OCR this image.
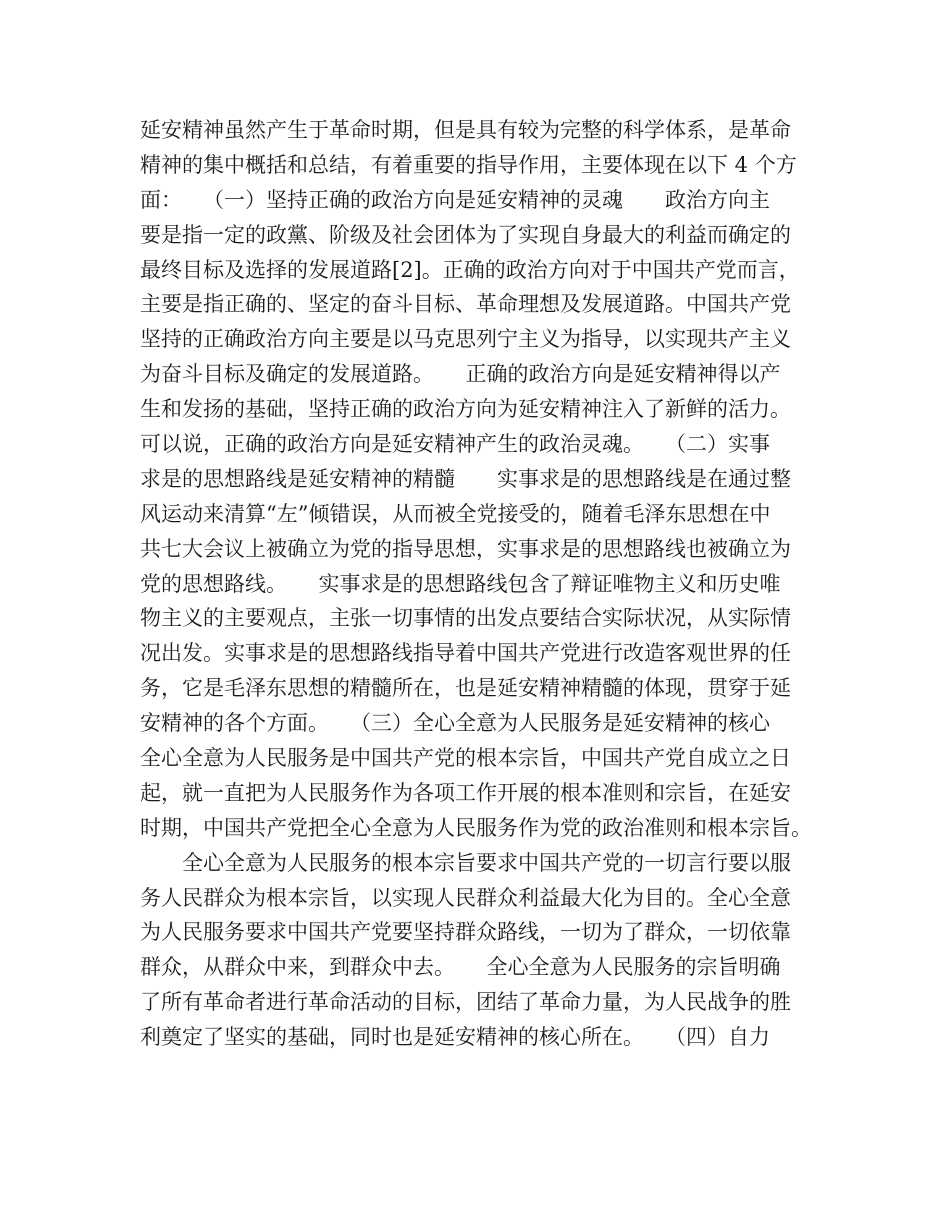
延安精神虽然产生于革命时期，但是具有较为完整的科学体系，是革命
精神的集中概括和总结，有着重要的指导作用，主要体现在以下 4 个方
面：　　（一）坚持正确的政治方向是延安精神的灵魂　　政治方向主
要是指一定的政黨、阶级及社会团体为了实现自身最大的利益而确定的
最终目标及选择的发展道路[2]。正确的政治方向对于中国共产党而言，
主要是指正确的、坚定的奋斗目标、革命理想及发展道路。中国共产党
坚持的正确政治方向主要是以马克思列宁主义为指导，以实现共产主义
为奋斗目标及确定的发展道路。　　正确的政治方向是延安精神得以产
生和发扬的基础，坚持正确的政治方向为延安精神注入了新鲜的活力。
可以说，正确的政治方向是延安精神产生的政治灵魂。　　（二）实事
求是的思想路线是延安精神的精髓　　实事求是的思想路线是在通过整
风运动来清算“左”倾错误，从而被全党接受的，随着毛泽东思想在中
共七大会议上被确立为党的指导思想，实事求是的思想路线也被确立为
党的思想路线。　　实事求是的思想路线包含了辩证唯物主义和历史唯
物主义的主要观点，主张一切事情的出发点要结合实际状况，从实际情
况出发。实事求是的思想路线指导着中国共产党进行改造客观世界的任
务，它是毛泽东思想的精髓所在，也是延安精神精髓的体现，贯穿于延
安精神的各个方面。　　（三）全心全意为人民服务是延安精神的核心
全心全意为人民服务是中国共产党的根本宗旨，中国共产党自成立之日
起，就一直把为人民服务作为各项工作开展的根本准则和宗旨，在延安
时期，中国共产党把全心全意为人民服务作为党的政治准则和根本宗旨。
　　全心全意为人民服务的根本宗旨要求中国共产党的一切言行要以服
务人民群众为根本宗旨，以实现人民群众利益最大化为目的。全心全意
为人民服务要求中国共产党要坚持群众路线，一切为了群众，一切依靠
群众，从群众中来，到群众中去。　　全心全意为人民服务的宗旨明确
了所有革命者进行革命活动的目标，团结了革命力量，为人民战争的胜
利奠定了坚实的基础，同时也是延安精神的核心所在。　　（四）自力
